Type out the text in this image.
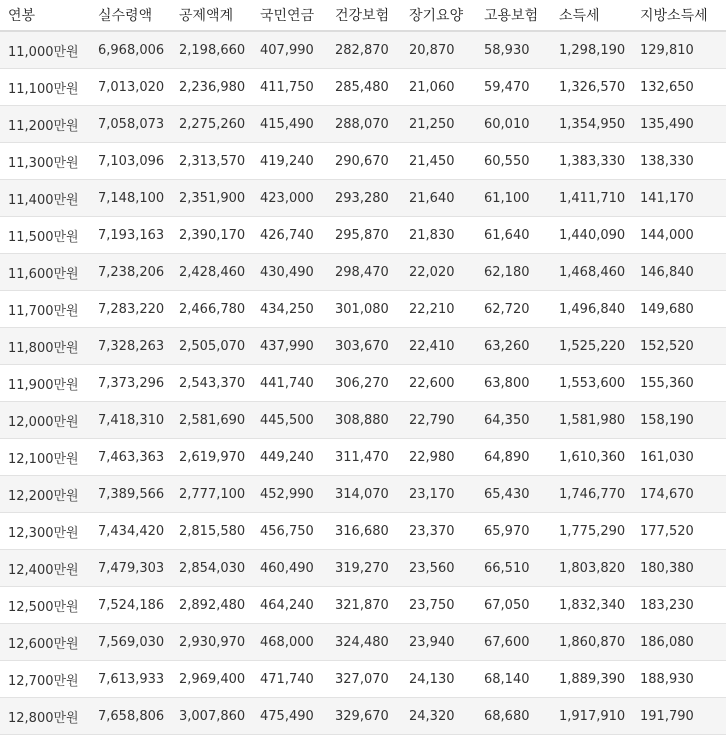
연봉	실수령액	공제액계	국민연금	건강보험	장기요양	고용보험	소득세	지방소득세
11,000만원	6,968,006	2,198,660	407,990	282,870	20,870	58,930	1,298,190	129,810
11,100만원	7,013,020	2,236,980	411,750	285,480	21,060	59,470	1,326,570	132,650
11,200만원	7,058,073	2,275,260	415,490	288,070	21,250	60,010	1,354,950	135,490
11,300만원	7,103,096	2,313,570	419,240	290,670	21,450	60,550	1,383,330	138,330
11,400만원	7,148,100	2,351,900	423,000	293,280	21,640	61,100	1,411,710	141,170
11,500만원	7,193,163	2,390,170	426,740	295,870	21,830	61,640	1,440,090	144,000
11,600만원	7,238,206	2,428,460	430,490	298,470	22,020	62,180	1,468,460	146,840
11,700만원	7,283,220	2,466,780	434,250	301,080	22,210	62,720	1,496,840	149,680
11,800만원	7,328,263	2,505,070	437,990	303,670	22,410	63,260	1,525,220	152,520
11,900만원	7,373,296	2,543,370	441,740	306,270	22,600	63,800	1,553,600	155,360
12,000만원	7,418,310	2,581,690	445,500	308,880	22,790	64,350	1,581,980	158,190
12,100만원	7,463,363	2,619,970	449,240	311,470	22,980	64,890	1,610,360	161,030
12,200만원	7,389,566	2,777,100	452,990	314,070	23,170	65,430	1,746,770	174,670
12,300만원	7,434,420	2,815,580	456,750	316,680	23,370	65,970	1,775,290	177,520
12,400만원	7,479,303	2,854,030	460,490	319,270	23,560	66,510	1,803,820	180,380
12,500만원	7,524,186	2,892,480	464,240	321,870	23,750	67,050	1,832,340	183,230
12,600만원	7,569,030	2,930,970	468,000	324,480	23,940	67,600	1,860,870	186,080
12,700만원	7,613,933	2,969,400	471,740	327,070	24,130	68,140	1,889,390	188,930
12,800만원	7,658,806	3,007,860	475,490	329,670	24,320	68,680	1,917,910	191,790
